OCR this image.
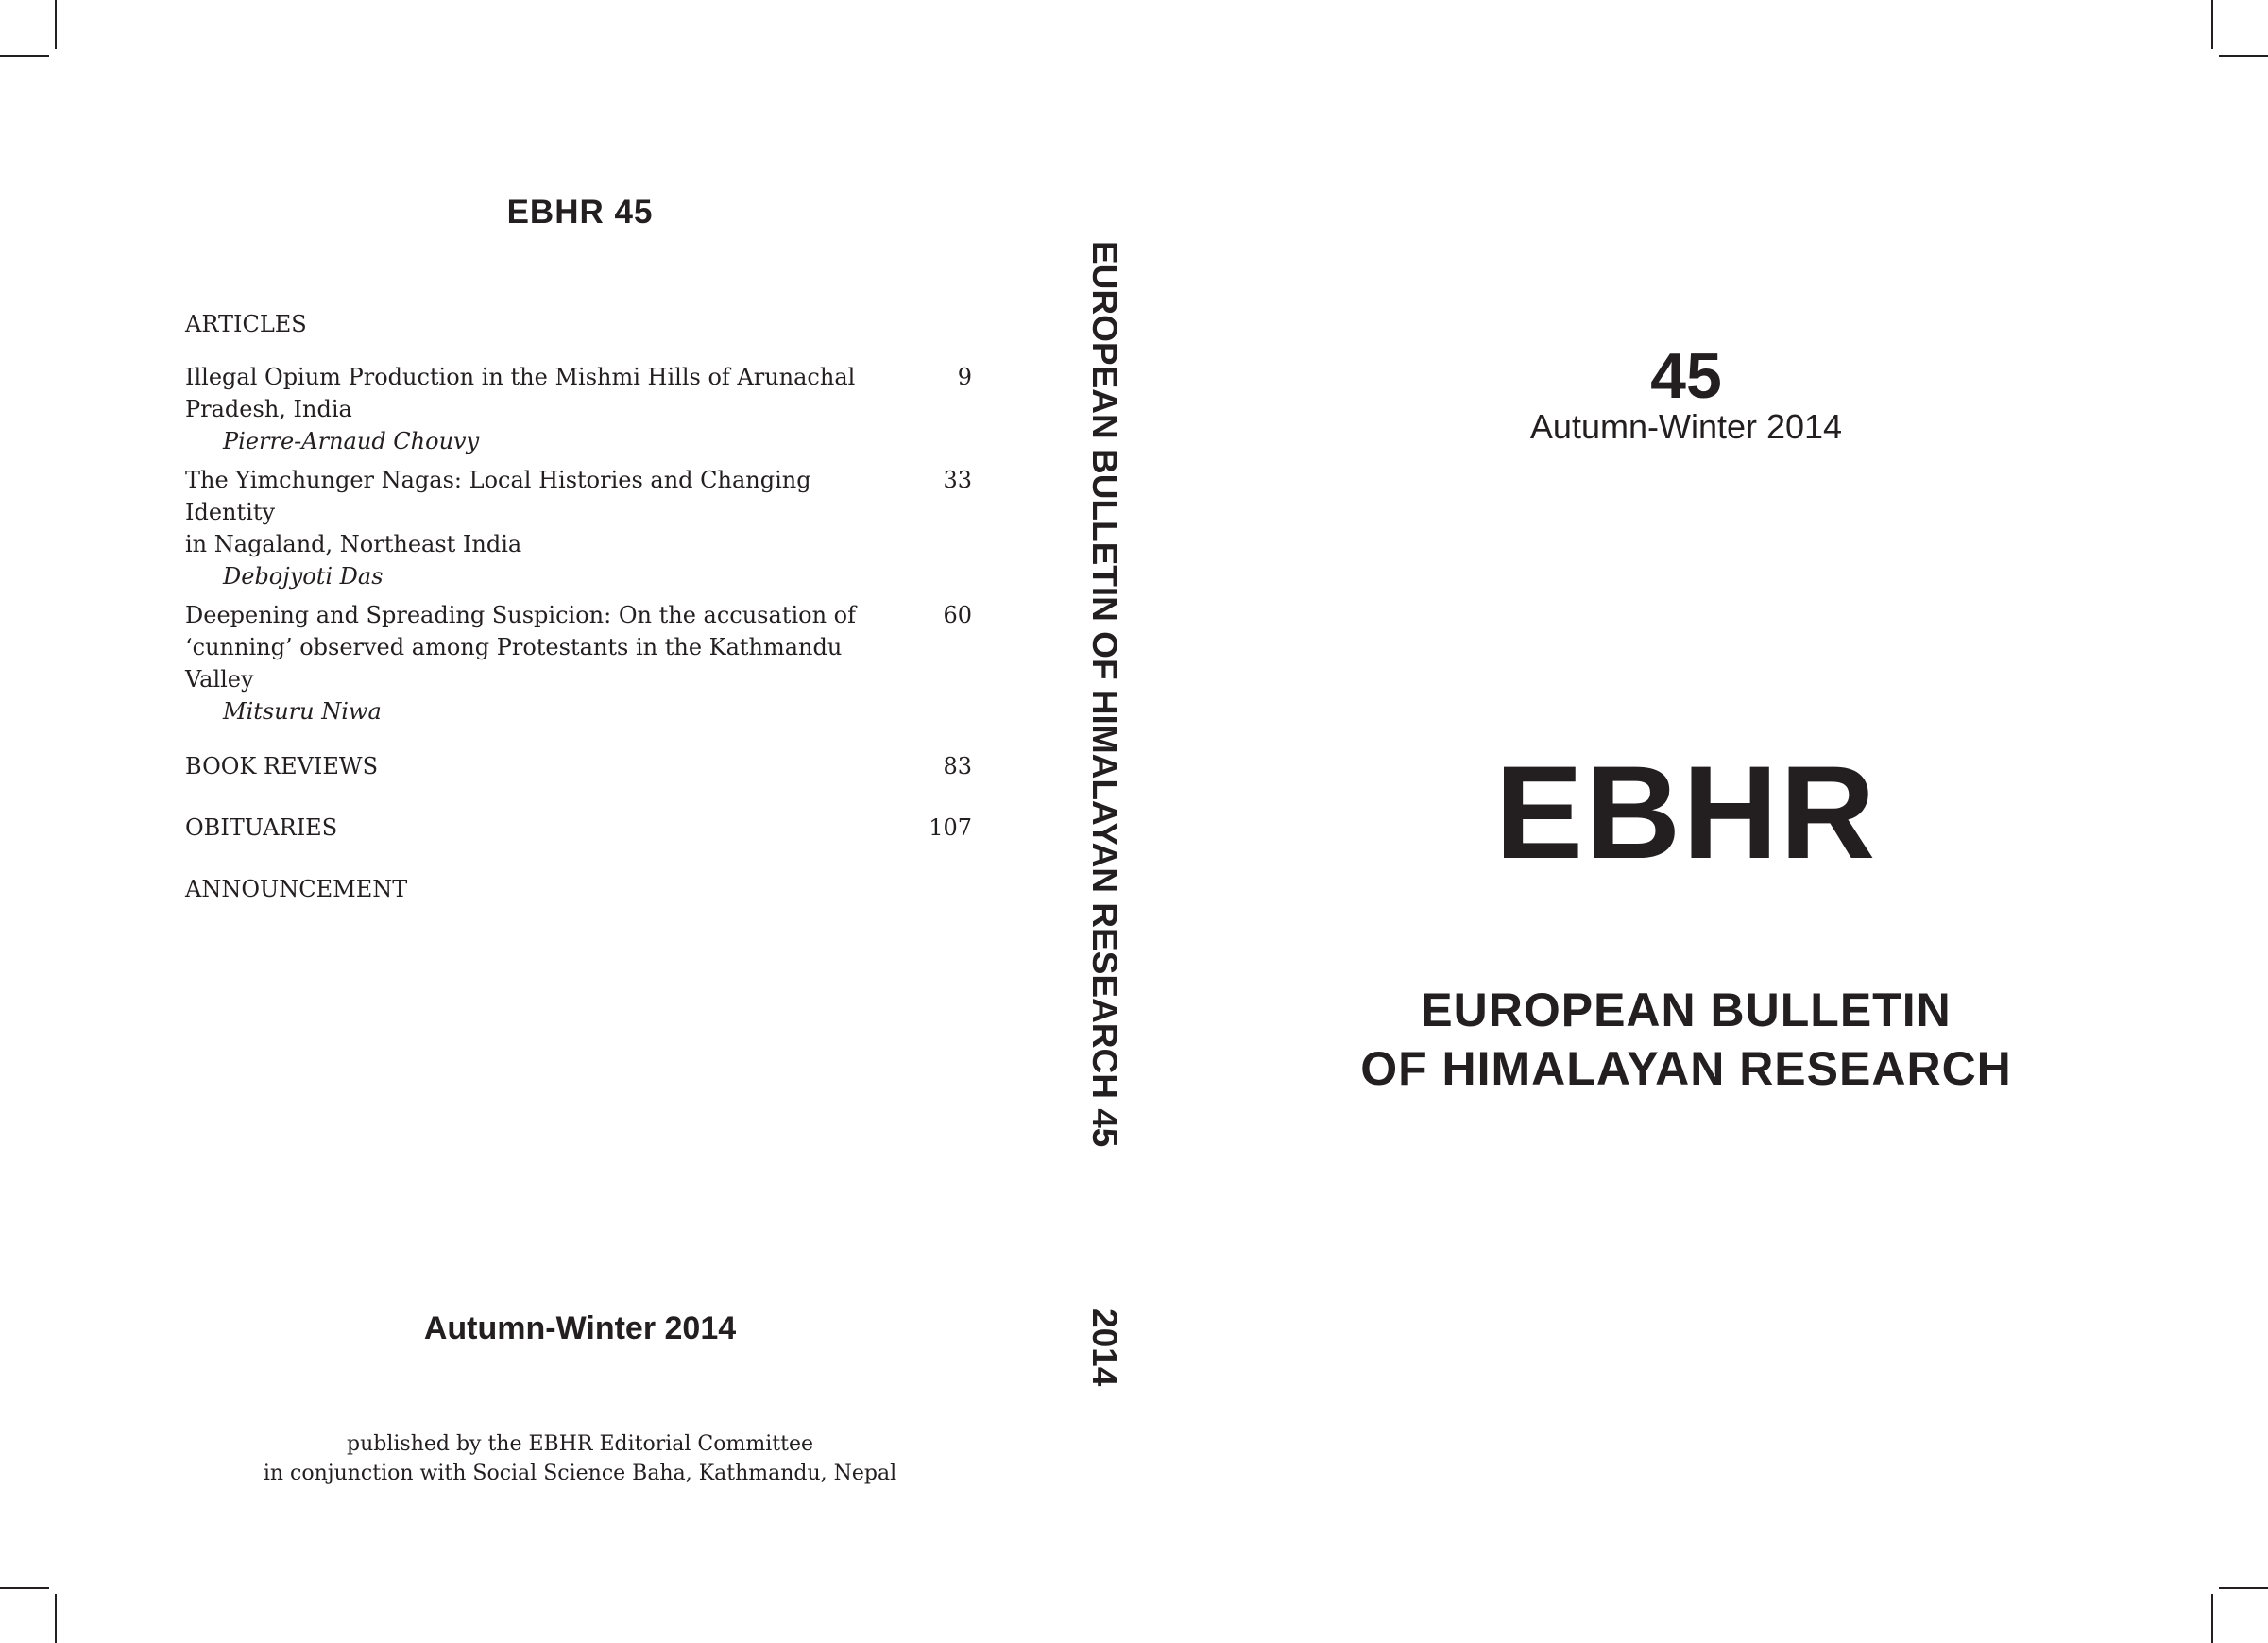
EBHR 45
ARTICLES
Illegal Opium Production in the Mishmi Hills of Arunachal
Pradesh, India
Pierre-Arnaud Chouvy
9
The Yimchunger Nagas: Local Histories and Changing Identity
in Nagaland, Northeast India
Debojyoti Das
33
Deepening and Spreading Suspicion: On the accusation of
‘cunning’ observed among Protestants in the Kathmandu Valley
Mitsuru Niwa
60
BOOK REVIEWS	83
OBITUARIES	107
ANNOUNCEMENT
Autumn-Winter 2014
published by the EBHR Editorial Committee
in conjunction with Social Science Baha, Kathmandu, Nepal
EUROPEAN BULLETIN OF HIMALAYAN RESEARCH 45
2014
45
Autumn-Winter 2014
EBHR
EUROPEAN BULLETIN
OF HIMALAYAN RESEARCH
